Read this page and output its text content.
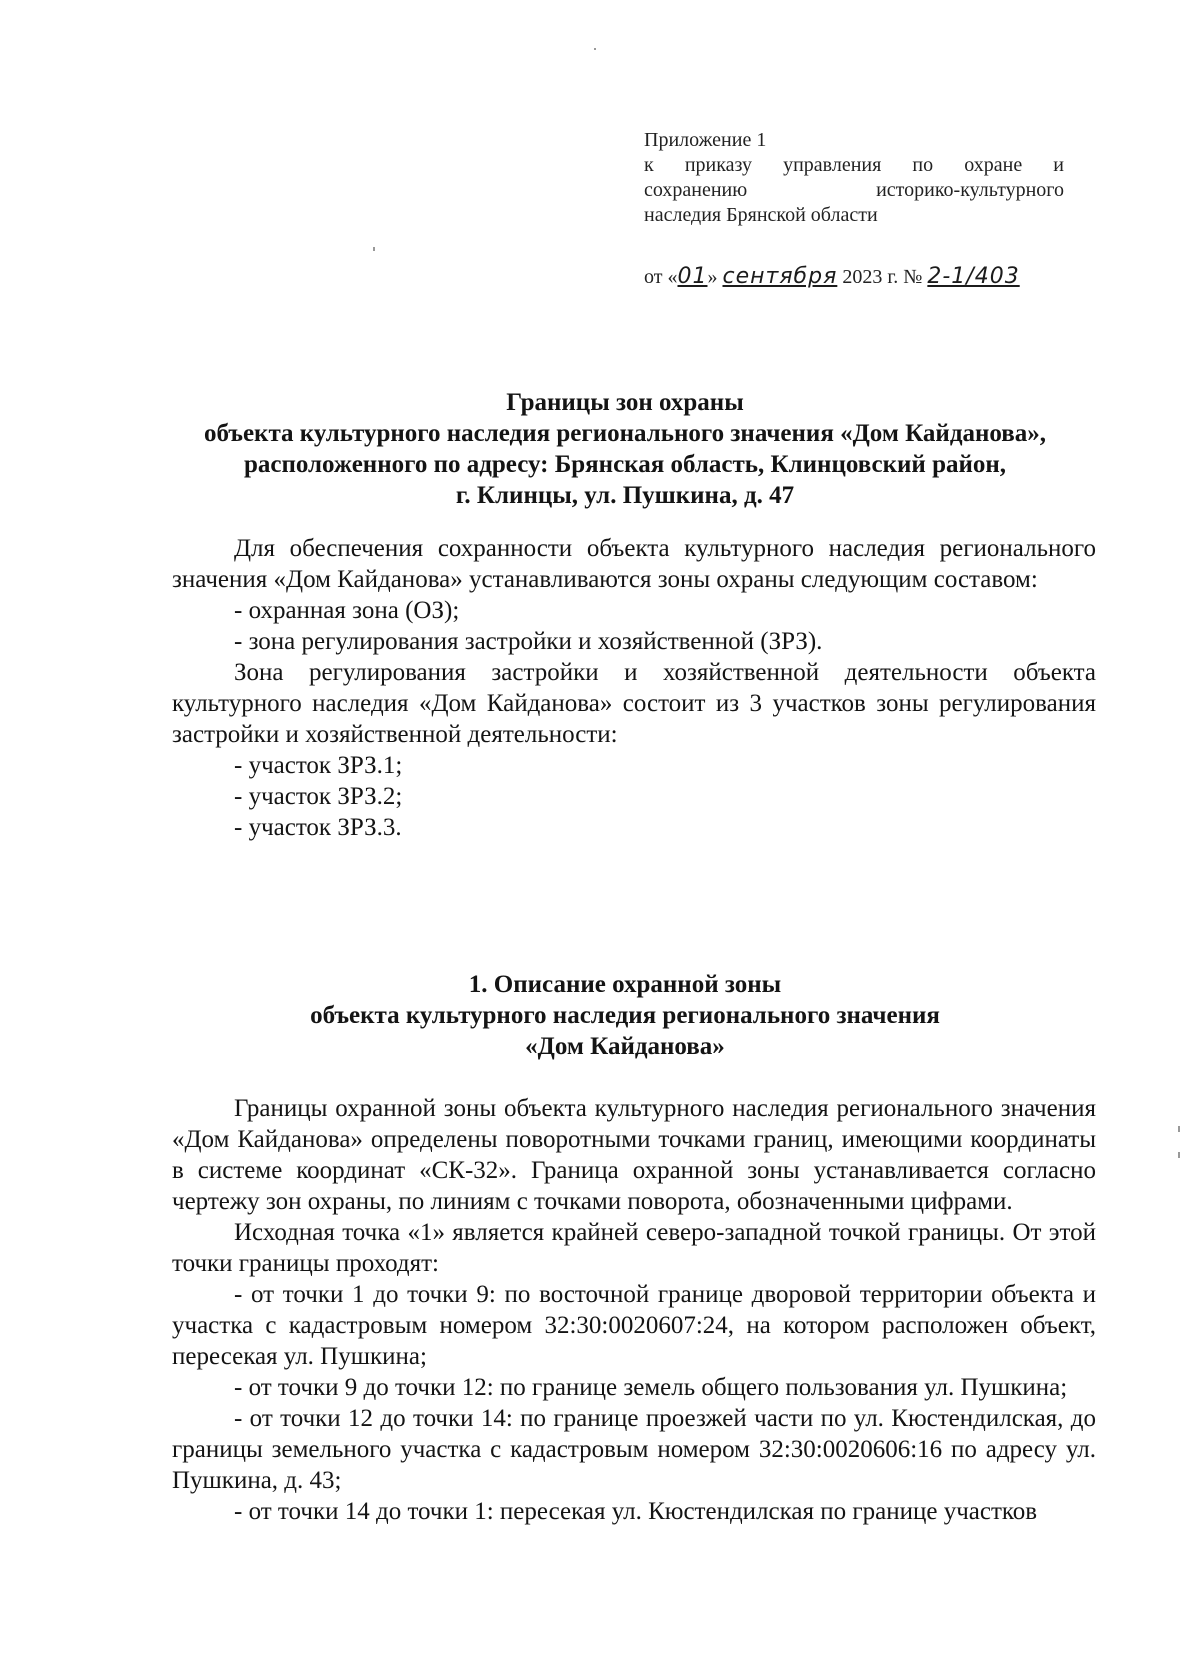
Приложение 1
к приказу управления по охране и
сохранению историко-культурного
наследия Брянской области
от «01» сентября 2023 г. № 2-1/403
Границы зон охраны
объекта культурного наследия регионального значения «Дом Кайданова»,
расположенного по адресу: Брянская область, Клинцовский район,
г. Клинцы, ул. Пушкина, д. 47

Для обеспечения сохранности объекта культурного наследия регионального значения «Дом Кайданова» устанавливаются зоны охраны следующим составом:

- охранная зона (ОЗ);

- зона регулирования застройки и хозяйственной (ЗРЗ).

Зона регулирования застройки и хозяйственной деятельности объекта культурного наследия «Дом Кайданова» состоит из 3 участков зоны регулирования застройки и хозяйственной деятельности:

- участок ЗРЗ.1;

- участок ЗРЗ.2;

- участок ЗРЗ.3.

1. Описание охранной зоны
объекта культурного наследия регионального значения
«Дом Кайданова»

Границы охранной зоны объекта культурного наследия регионального значения «Дом Кайданова» определены поворотными точками границ, имеющими координаты в системе координат «СК-32». Граница охранной зоны устанавливается согласно чертежу зон охраны, по линиям с точками поворота, обозначенными цифрами.

Исходная точка «1» является крайней северо-западной точкой границы. От этой точки границы проходят:

- от точки 1 до точки 9: по восточной границе дворовой территории объекта и участка с кадастровым номером 32:30:0020607:24, на котором расположен объект, пересекая ул. Пушкина;

- от точки 9 до точки 12: по границе земель общего пользования ул. Пушкина;

- от точки 12 до точки 14: по границе проезжей части по ул. Кюстендилская, до границы земельного участка с кадастровым номером 32:30:0020606:16 по адресу ул. Пушкина, д. 43;

- от точки 14 до точки 1: пересекая ул. Кюстендилская по границе участков
